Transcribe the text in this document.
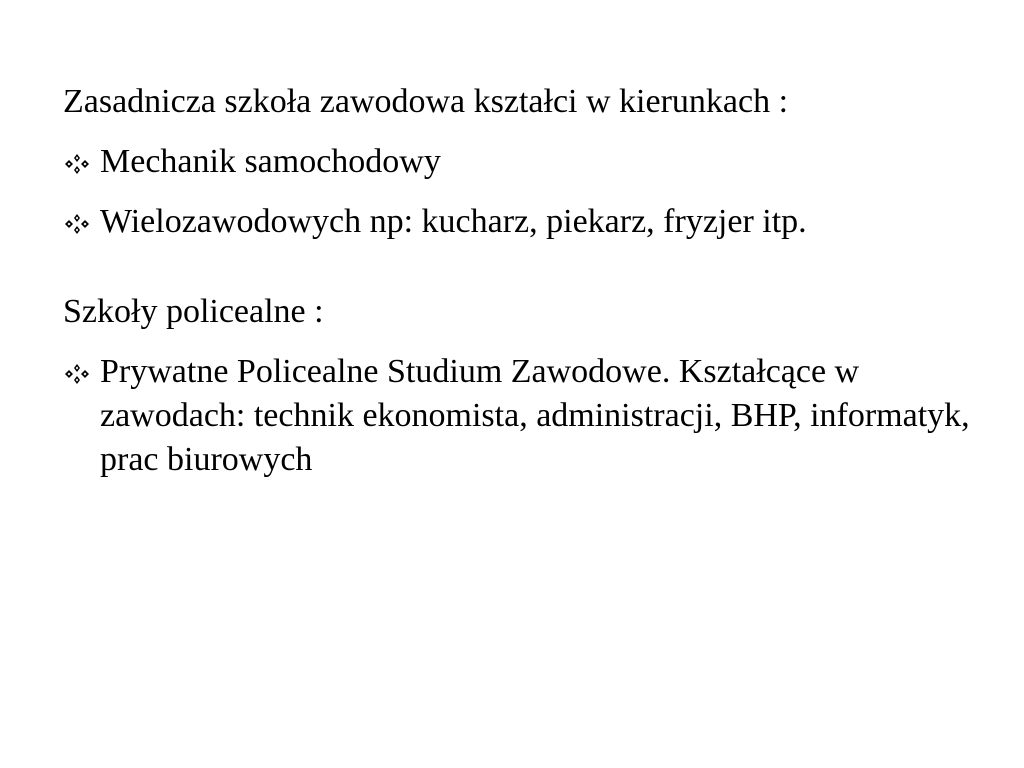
Zasadnicza szkoła zawodowa kształci w kierunkach :

Mechanik samochodowy
Wielozawodowych np: kucharz, piekarz, fryzjer itp.

Szkoły policealne :

Prywatne Policealne Studium Zawodowe. Kształcące w zawodach: technik ekonomista, administracji, BHP, informatyk, prac biurowych
